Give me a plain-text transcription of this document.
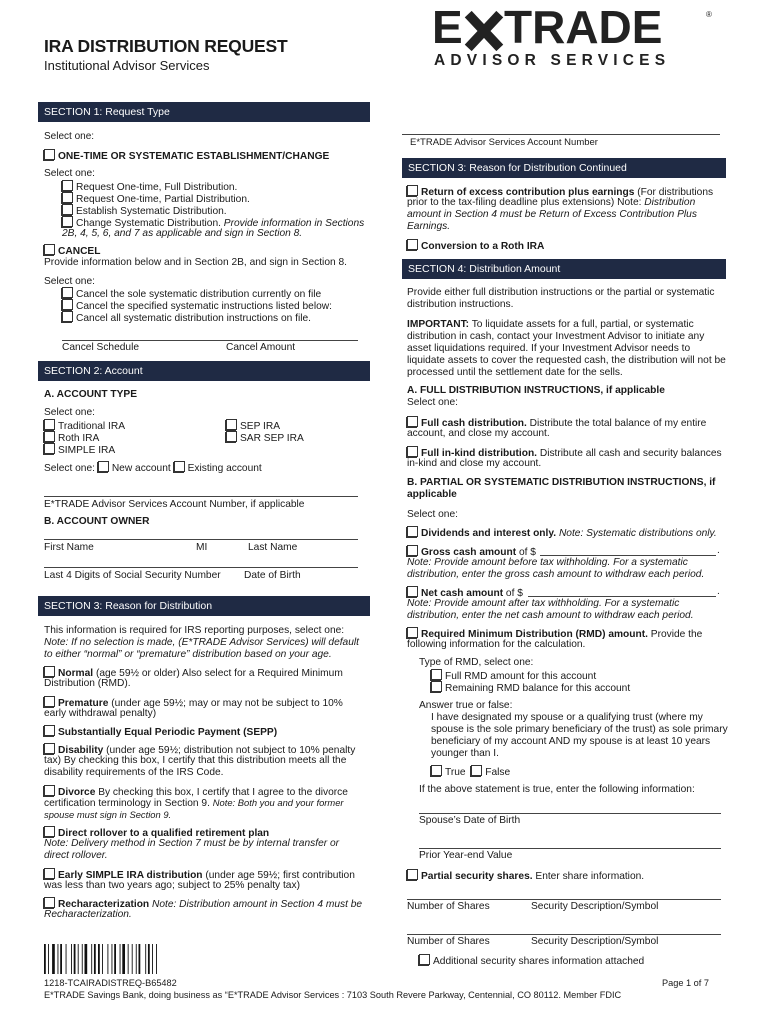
IRA DISTRIBUTION REQUEST
Institutional Advisor Services
E TRADE	®
ADVISOR SERVICES
SECTION 1: Request Type
Select one:
ONE-TIME OR SYSTEMATIC ESTABLISHMENT/CHANGE
Select one:
Request One-time, Full Distribution.
Request One-time, Partial Distribution.
Establish Systematic Distribution.
Change Systematic Distribution. Provide information in Sections
2B, 4, 5, 6, and 7 as applicable and sign in Section 8.
CANCEL
Provide information below and in Section 2B, and sign in Section 8.
Select one:
Cancel the sole systematic distribution currently on file
Cancel the specified systematic instructions listed below:
Cancel all systematic distribution instructions on file.
Cancel Schedule	Cancel Amount
SECTION 2: Account
A. ACCOUNT TYPE
Select one:
Traditional IRA
Roth IRA
SIMPLE IRA
SEP IRA
SAR SEP IRA
Select one: New account Existing account
E*TRADE Advisor Services Account Number, if applicable
B. ACCOUNT OWNER
First Name	MI	Last Name
Last 4 Digits of Social Security Number Date of Birth
SECTION 3: Reason for Distribution
This information is required for IRS reporting purposes, select one:
Note: If no selection is made, (E*TRADE Advisor Services) will default
to either “normal” or “premature” distribution based on your age.
Normal (age 59½ or older) Also select for a Required Minimum
Distribution (RMD).
Premature (under age 59½; may or may not be subject to 10%
early withdrawal penalty)
Substantially Equal Periodic Payment (SEPP)
Disability (under age 59½; distribution not subject to 10% penalty
tax) By checking this box, I certify that this distribution meets all the
disability requirements of the IRS Code.
Divorce By checking this box, I certify that I agree to the divorce
certification terminology in Section 9. Note: Both you and your former
spouse must sign in Section 9.
Direct rollover to a qualified retirement plan
Note: Delivery method in Section 7 must be by internal transfer or
direct rollover.
Early SIMPLE IRA distribution (under age 59½; first contribution
was less than two years ago; subject to 25% penalty tax)
Recharacterization Note: Distribution amount in Section 4 must be
Recharacterization.
E*TRADE Advisor Services Account Number
SECTION 3: Reason for Distribution Continued
Return of excess contribution plus earnings (For distributions
prior to the tax-filing deadline plus extensions) Note: Distribution
amount in Section 4 must be Return of Excess Contribution Plus
Earnings.
Conversion to a Roth IRA
SECTION 4: Distribution Amount
Provide either full distribution instructions or the partial or systematic
distribution instructions.
IMPORTANT: To liquidate assets for a full, partial, or systematic
distribution in cash, contact your Investment Advisor to initiate any
asset liquidations required. If your Investment Advisor needs to
liquidate assets to cover the requested cash, the distribution will not be
processed until the settlement date for the sells.
A. FULL DISTRIBUTION INSTRUCTIONS, if applicable
Select one:
Full cash distribution. Distribute the total balance of my entire
account, and close my account.
Full in-kind distribution. Distribute all cash and security balances
in-kind and close my account.
B. PARTIAL OR SYSTEMATIC DISTRIBUTION INSTRUCTIONS, if
applicable
Select one:
Dividends and interest only. Note: Systematic distributions only.
Gross cash amount of $	.
Note: Provide amount before tax withholding. For a systematic
distribution, enter the gross cash amount to withdraw each period.
Net cash amount of $	.
Note: Provide amount after tax withholding. For a systematic
distribution, enter the net cash amount to withdraw each period.
Required Minimum Distribution (RMD) amount. Provide the
following information for the calculation.
Type of RMD, select one:
Full RMD amount for this account
Remaining RMD balance for this account
Answer true or false:
I have designated my spouse or a qualifying trust (where my
spouse is the sole primary beneficiary of the trust) as sole primary
beneficiary of my account AND my spouse is at least 10 years
younger than I.
True False
If the above statement is true, enter the following information:
Spouse’s Date of Birth
Prior Year-end Value
Partial security shares. Enter share information.
Number of Shares	Security Description/Symbol
Number of Shares	Security Description/Symbol
Additional security shares information attached
1218-TCAIRADISTREQ-B65482
E*TRADE Savings Bank, doing business as “E*TRADE Advisor Services : 7103 South Revere Parkway, Centennial, CO 80112. Member FDIC
Page 1 of 7
